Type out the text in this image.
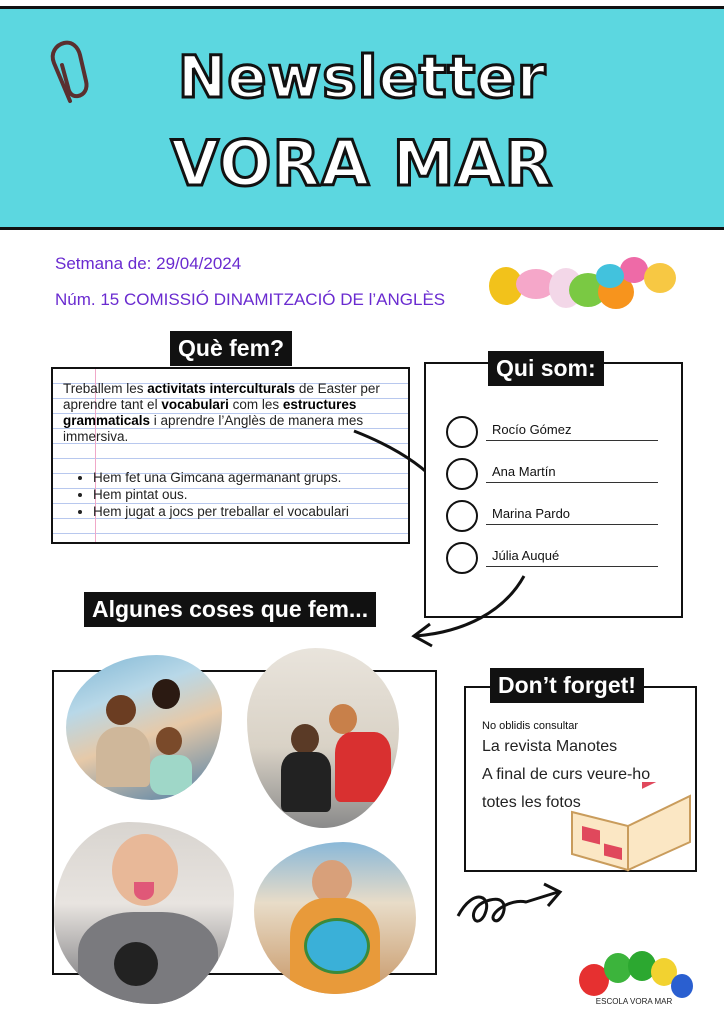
Newsletter
VORA MAR
Setmana de: 29/04/2024
Núm. 15 COMISSIÓ DINAMITZACIÓ DE l’ANGLÈS
Treballem les activitats interculturals de Easter per aprendre tant el vocabulari com les estructures grammaticals i aprendre l’Anglès de manera mes immersiva.
• Hem fet una Gimcana agermanant grups.
• Hem pintat ous.
• Hem jugat a jocs per treballar el vocabulari
Què fem?
Rocío Gómez
Ana Martín
Marina Pardo
Júlia Auqué
Qui som:
Algunes coses que fem...
No oblidis consultar
La revista Manotes
A final de curs veure-ho
totes les fotos
Don’t forget!
ESCOLA VORA MAR
